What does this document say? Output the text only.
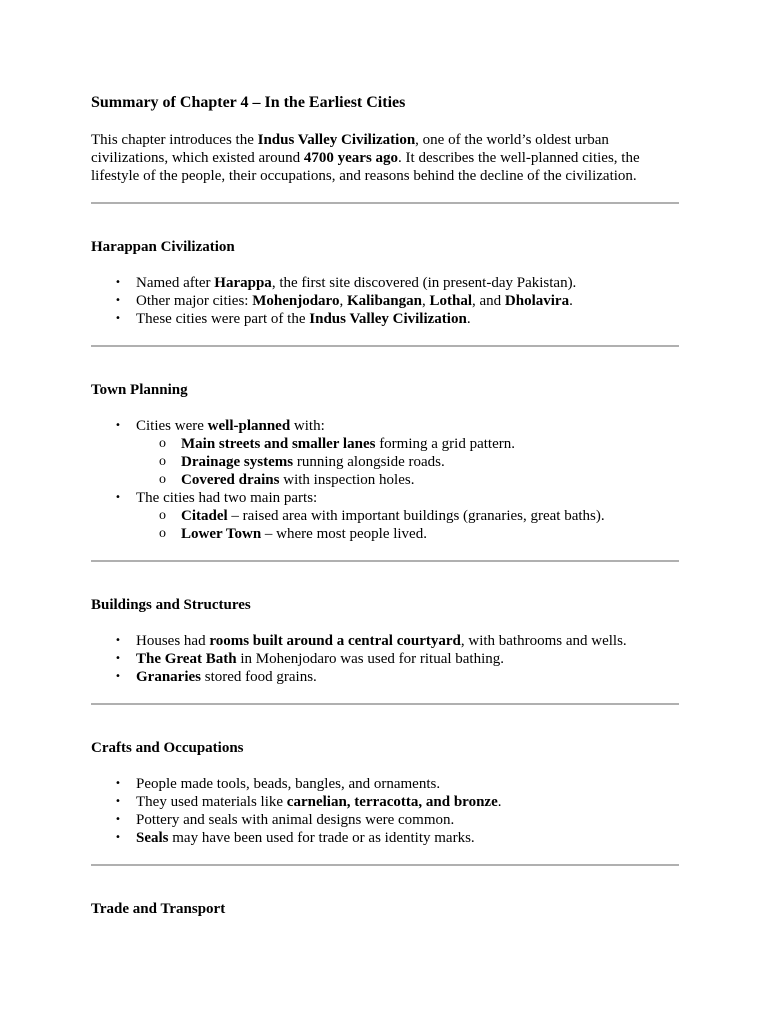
Summary of Chapter 4 – In the Earliest Cities

This chapter introduces the Indus Valley Civilization, one of the world’s oldest urban civilizations, which existed around 4700 years ago. It describes the well-planned cities, the lifestyle of the people, their occupations, and reasons behind the decline of the civilization.

Harappan Civilization
• Named after Harappa, the first site discovered (in present-day Pakistan).
• Other major cities: Mohenjodaro, Kalibangan, Lothal, and Dholavira.
• These cities were part of the Indus Valley Civilization.
Town Planning
• Cities were well-planned with:
o Main streets and smaller lanes forming a grid pattern.
o Drainage systems running alongside roads.
o Covered drains with inspection holes.
• The cities had two main parts:
o Citadel – raised area with important buildings (granaries, great baths).
o Lower Town – where most people lived.
Buildings and Structures
• Houses had rooms built around a central courtyard, with bathrooms and wells.
• The Great Bath in Mohenjodaro was used for ritual bathing.
• Granaries stored food grains.
Crafts and Occupations
• People made tools, beads, bangles, and ornaments.
• They used materials like carnelian, terracotta, and bronze.
• Pottery and seals with animal designs were common.
• Seals may have been used for trade or as identity marks.
Trade and Transport
